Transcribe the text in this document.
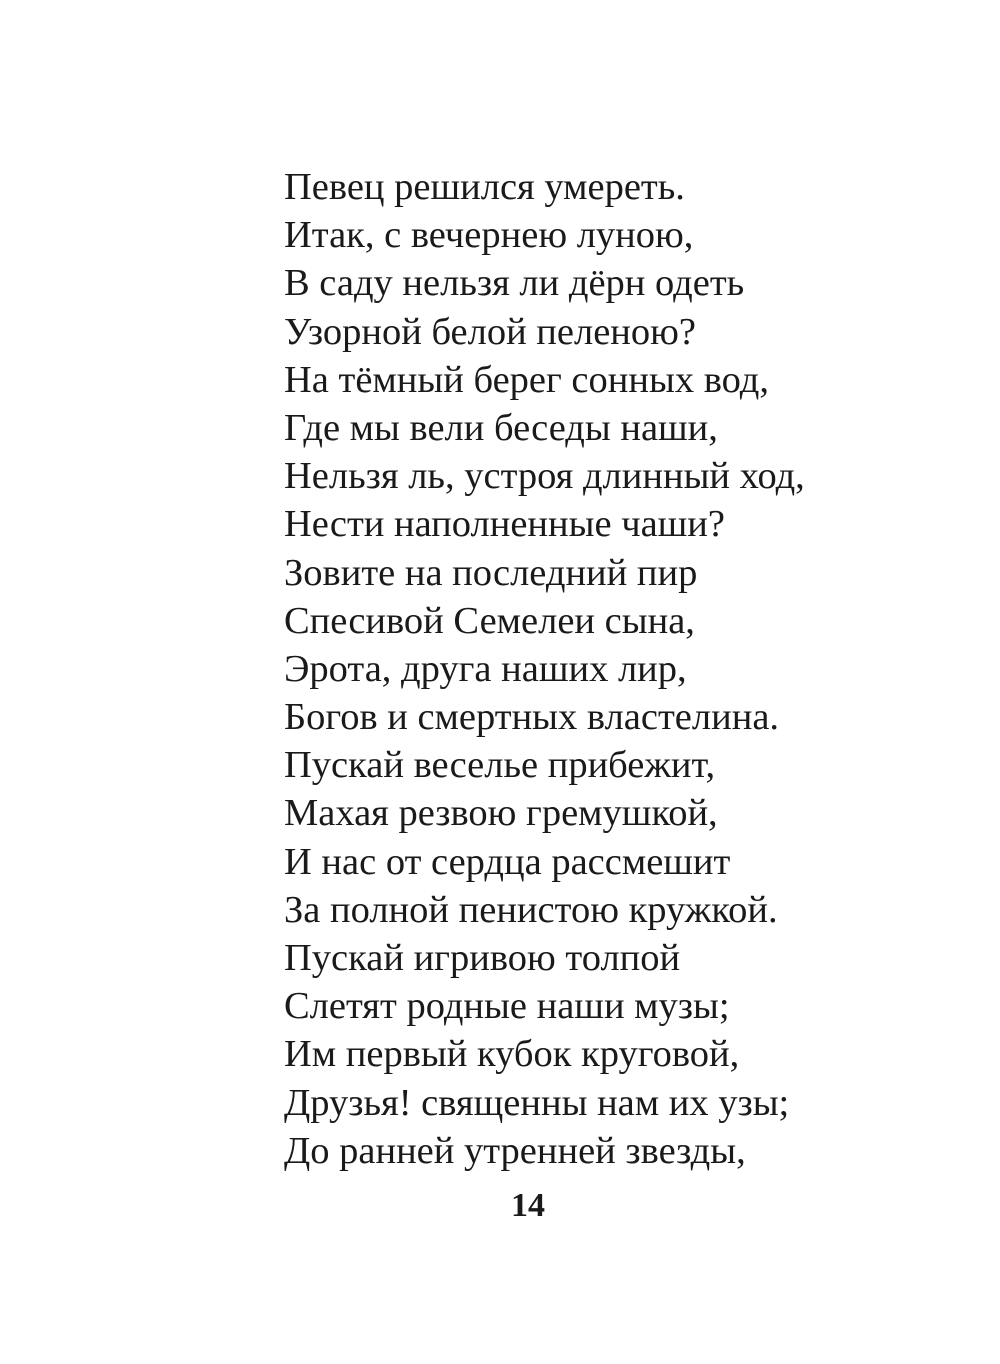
Певец решился умереть.
Итак, с вечернею луною,
В саду нельзя ли дёрн одеть
Узорной белой пеленою?
На тёмный берег сонных вод,
Где мы вели беседы наши,
Нельзя ль, устроя длинный ход,
Нести наполненные чаши?
Зовите на последний пир
Спесивой Семелеи сына,
Эрота, друга наших лир,
Богов и смертных властелина.
Пускай веселье прибежит,
Махая резвою гремушкой,
И нас от сердца рассмешит
За полной пенистою кружкой.
Пускай игривою толпой
Слетят родные наши музы;
Им первый кубок круговой,
Друзья! священны нам их узы;
До ранней утренней звезды,
14
